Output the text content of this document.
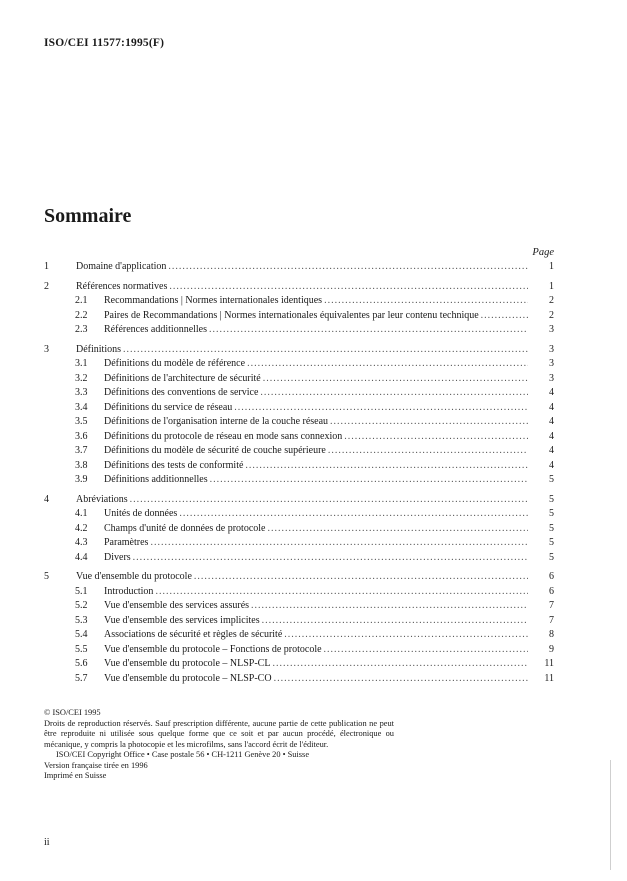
ISO/CEI 11577:1995(F)
Sommaire
Page
1	Domaine d'application .....	1
2	Références normatives .....	1
2.1	Recommandations | Normes internationales identiques .....	2
2.2	Paires de Recommandations | Normes internationales équivalentes par leur contenu technique .....	2
2.3	Références additionnelles .....	3
3	Définitions .....	3
3.1	Définitions du modèle de référence .....	3
3.2	Définitions de l'architecture de sécurité .....	3
3.3	Définitions des conventions de service .....	4
3.4	Définitions du service de réseau .....	4
3.5	Définitions de l'organisation interne de la couche réseau .....	4
3.6	Définitions du protocole de réseau en mode sans connexion .....	4
3.7	Définitions du modèle de sécurité de couche supérieure .....	4
3.8	Définitions des tests de conformité .....	4
3.9	Définitions additionnelles .....	5
4	Abréviations .....	5
4.1	Unités de données .....	5
4.2	Champs d'unité de données de protocole .....	5
4.3	Paramètres .....	5
4.4	Divers .....	5
5	Vue d'ensemble du protocole .....	6
5.1	Introduction .....	6
5.2	Vue d'ensemble des services assurés .....	7
5.3	Vue d'ensemble des services implicites .....	7
5.4	Associations de sécurité et règles de sécurité .....	8
5.5	Vue d'ensemble du protocole – Fonctions de protocole .....	9
5.6	Vue d'ensemble du protocole – NLSP-CL .....	11
5.7	Vue d'ensemble du protocole – NLSP-CO .....	11

© ISO/CEI 1995

Droits de reproduction réservés. Sauf prescription différente, aucune partie de cette publication ne peut être reproduite ni utilisée sous quelque forme que ce soit et par aucun procédé, électronique ou mécanique, y compris la photocopie et les microfilms, sans l'accord écrit de l'éditeur.

ISO/CEI Copyright Office • Case postale 56 • CH-1211 Genève 20 • Suisse

Version française tirée en 1996

Imprimé en Suisse

ii
